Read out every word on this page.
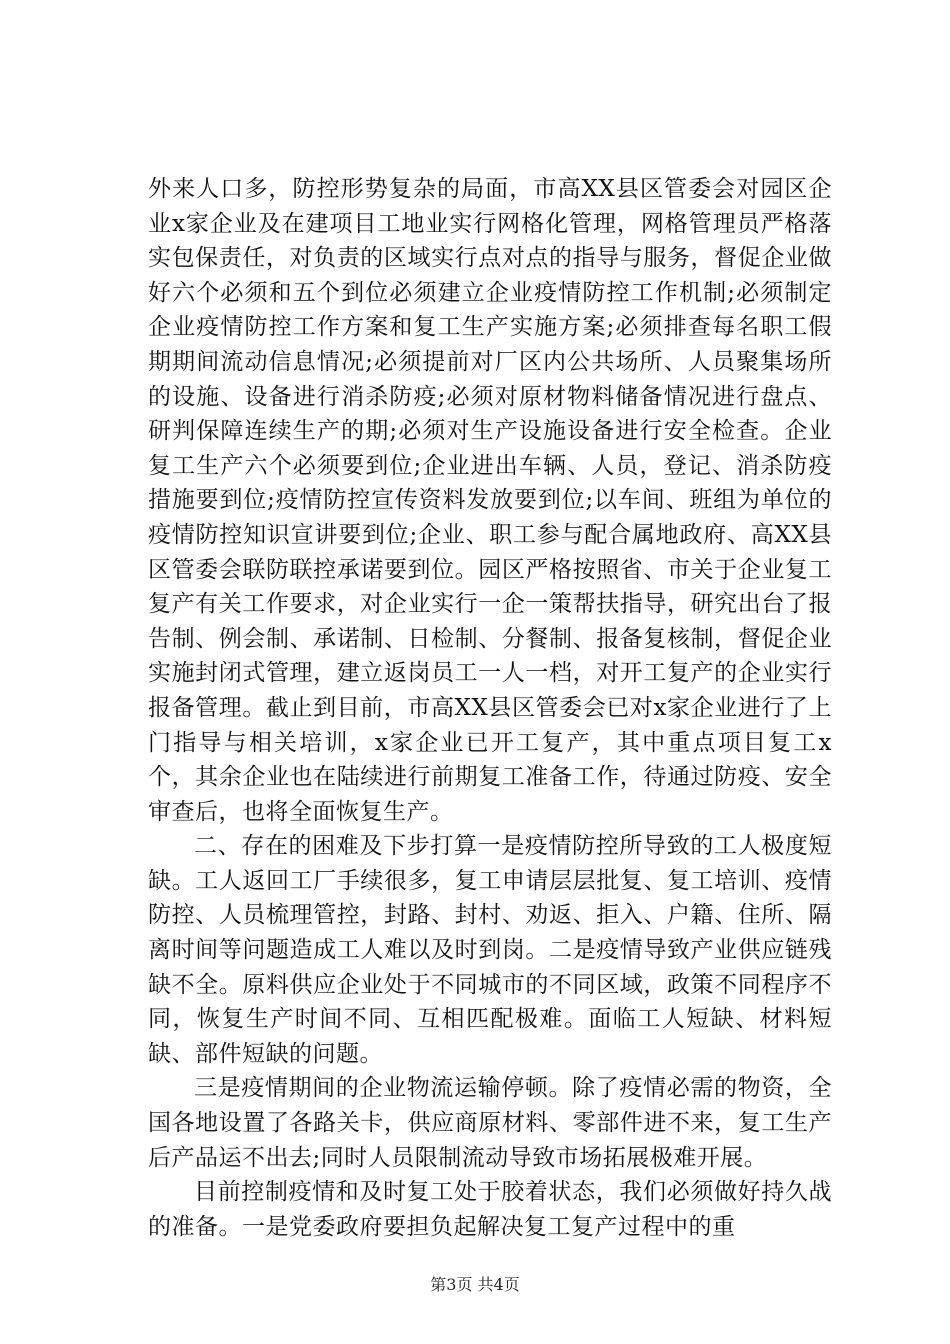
外来人口多，防控形势复杂的局面，市高XX县区管委会对园区企业x家企业及在建项目工地业实行网格化管理，网格管理员严格落实包保责任，对负责的区域实行点对点的指导与服务，督促企业做好六个必须和五个到位必须建立企业疫情防控工作机制;必须制定企业疫情防控工作方案和复工生产实施方案;必须排查每名职工假期期间流动信息情况;必须提前对厂区内公共场所、人员聚集场所的设施、设备进行消杀防疫;必须对原材物料储备情况进行盘点、研判保障连续生产的期;必须对生产设施设备进行安全检查。企业复工生产六个必须要到位;企业进出车辆、人员，登记、消杀防疫措施要到位;疫情防控宣传资料发放要到位;以车间、班组为单位的疫情防控知识宣讲要到位;企业、职工参与配合属地政府、高XX县区管委会联防联控承诺要到位。园区严格按照省、市关于企业复工复产有关工作要求，对企业实行一企一策帮扶指导，研究出台了报告制、例会制、承诺制、日检制、分餐制、报备复核制，督促企业实施封闭式管理，建立返岗员工一人一档，对开工复产的企业实行报备管理。截止到目前，市高XX县区管委会已对x家企业进行了上门指导与相关培训，x家企业已开工复产，其中重点项目复工x个，其余企业也在陆续进行前期复工准备工作，待通过防疫、安全审查后，也将全面恢复生产。

二、存在的困难及下步打算一是疫情防控所导致的工人极度短缺。工人返回工厂手续很多，复工申请层层批复、复工培训、疫情防控、人员梳理管控，封路、封村、劝返、拒入、户籍、住所、隔离时间等问题造成工人难以及时到岗。二是疫情导致产业供应链残缺不全。原料供应企业处于不同城市的不同区域，政策不同程序不同，恢复生产时间不同、互相匹配极难。面临工人短缺、材料短缺、部件短缺的问题。

三是疫情期间的企业物流运输停顿。除了疫情必需的物资，全国各地设置了各路关卡，供应商原材料、零部件进不来，复工生产后产品运不出去;同时人员限制流动导致市场拓展极难开展。

目前控制疫情和及时复工处于胶着状态，我们必须做好持久战的准备。一是党委政府要担负起解决复工复产过程中的重

第3页 共4页
